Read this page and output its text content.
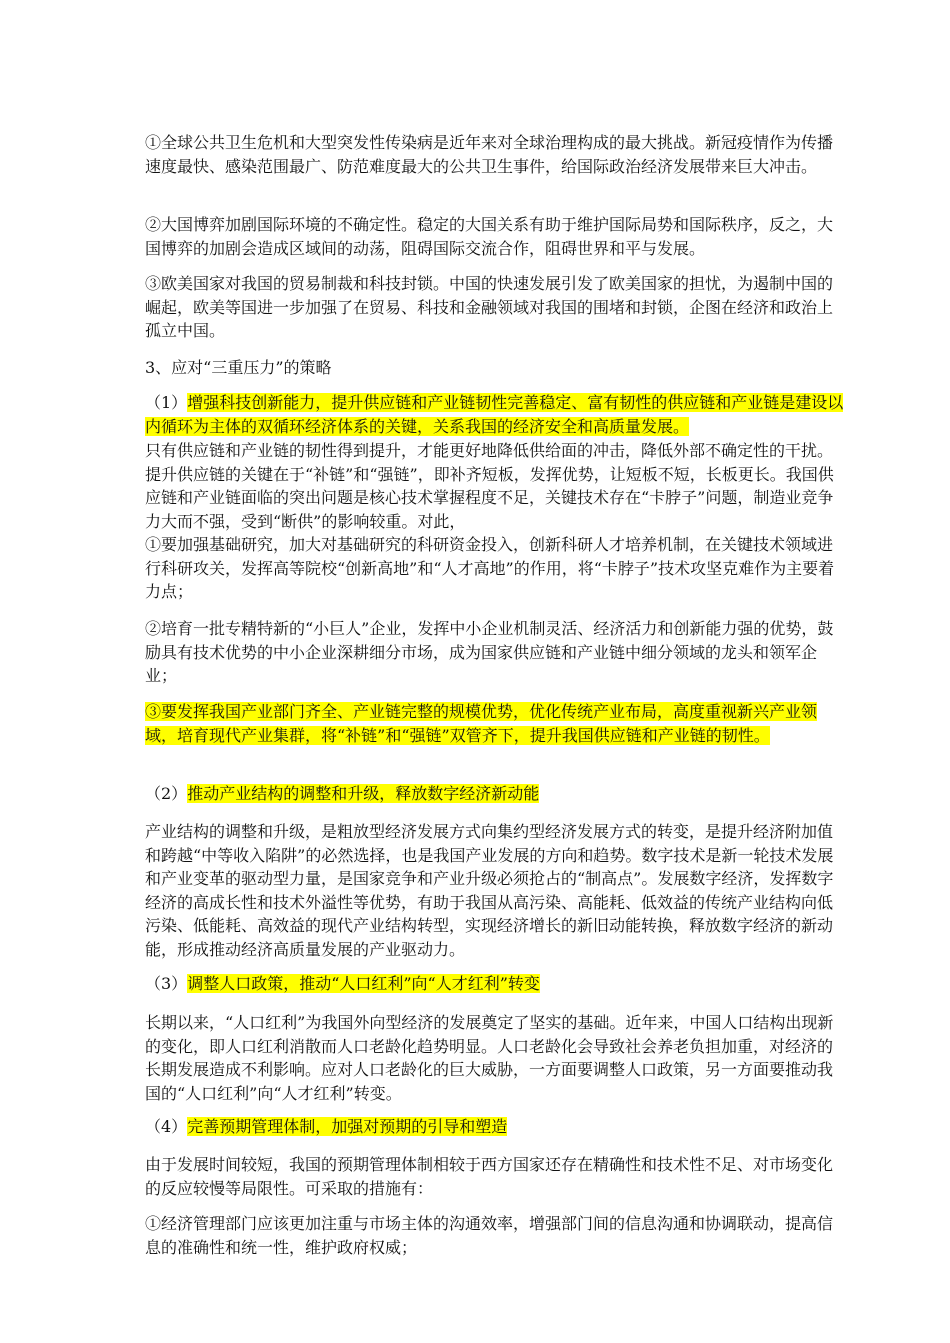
①全球公共卫生危机和大型突发性传染病是近年来对全球治理构成的最大挑战。新冠疫情作为传播速度最快、感染范围最广、防范难度最大的公共卫生事件，给国际政治经济发展带来巨大冲击。

②大国博弈加剧国际环境的不确定性。稳定的大国关系有助于维护国际局势和国际秩序，反之，大国博弈的加剧会造成区域间的动荡，阻碍国际交流合作，阻碍世界和平与发展。

③欧美国家对我国的贸易制裁和科技封锁。中国的快速发展引发了欧美国家的担忧，为遏制中国的崛起，欧美等国进一步加强了在贸易、科技和金融领域对我国的围堵和封锁，企图在经济和政治上孤立中国。

3、应对“三重压力”的策略

（1）增强科技创新能力，提升供应链和产业链韧性完善稳定、富有韧性的供应链和产业链是建设以内循环为主体的双循环经济体系的关键，关系我国的经济安全和高质量发展。

只有供应链和产业链的韧性得到提升，才能更好地降低供给面的冲击，降低外部不确定性的干扰。提升供应链的关键在于“补链”和“强链”，即补齐短板，发挥优势，让短板不短，长板更长。我国供应链和产业链面临的突出问题是核心技术掌握程度不足，关键技术存在“卡脖子”问题，制造业竞争力大而不强，受到“断供”的影响较重。对此，

①要加强基础研究，加大对基础研究的科研资金投入，创新科研人才培养机制，在关键技术领域进行科研攻关，发挥高等院校“创新高地”和“人才高地”的作用，将“卡脖子”技术攻坚克难作为主要着力点；

②培育一批专精特新的“小巨人”企业，发挥中小企业机制灵活、经济活力和创新能力强的优势，鼓励具有技术优势的中小企业深耕细分市场，成为国家供应链和产业链中细分领域的龙头和领军企业；

③要发挥我国产业部门齐全、产业链完整的规模优势，优化传统产业布局，高度重视新兴产业领域，培育现代产业集群，将“补链”和“强链”双管齐下，提升我国供应链和产业链的韧性。

（2）推动产业结构的调整和升级，释放数字经济新动能

产业结构的调整和升级，是粗放型经济发展方式向集约型经济发展方式的转变，是提升经济附加值和跨越“中等收入陷阱”的必然选择，也是我国产业发展的方向和趋势。数字技术是新一轮技术发展和产业变革的驱动型力量，是国家竞争和产业升级必须抢占的“制高点”。发展数字经济，发挥数字经济的高成长性和技术外溢性等优势，有助于我国从高污染、高能耗、低效益的传统产业结构向低污染、低能耗、高效益的现代产业结构转型，实现经济增长的新旧动能转换，释放数字经济的新动能，形成推动经济高质量发展的产业驱动力。

（3）调整人口政策，推动“人口红利”向“人才红利”转变

长期以来，“人口红利”为我国外向型经济的发展奠定了坚实的基础。近年来，中国人口结构出现新的变化，即人口红利消散而人口老龄化趋势明显。人口老龄化会导致社会养老负担加重，对经济的长期发展造成不利影响。应对人口老龄化的巨大威胁，一方面要调整人口政策，另一方面要推动我国的“人口红利”向“人才红利”转变。

（4）完善预期管理体制，加强对预期的引导和塑造

由于发展时间较短，我国的预期管理体制相较于西方国家还存在精确性和技术性不足、对市场变化的反应较慢等局限性。可采取的措施有：

①经济管理部门应该更加注重与市场主体的沟通效率，增强部门间的信息沟通和协调联动，提高信息的准确性和统一性，维护政府权威；
